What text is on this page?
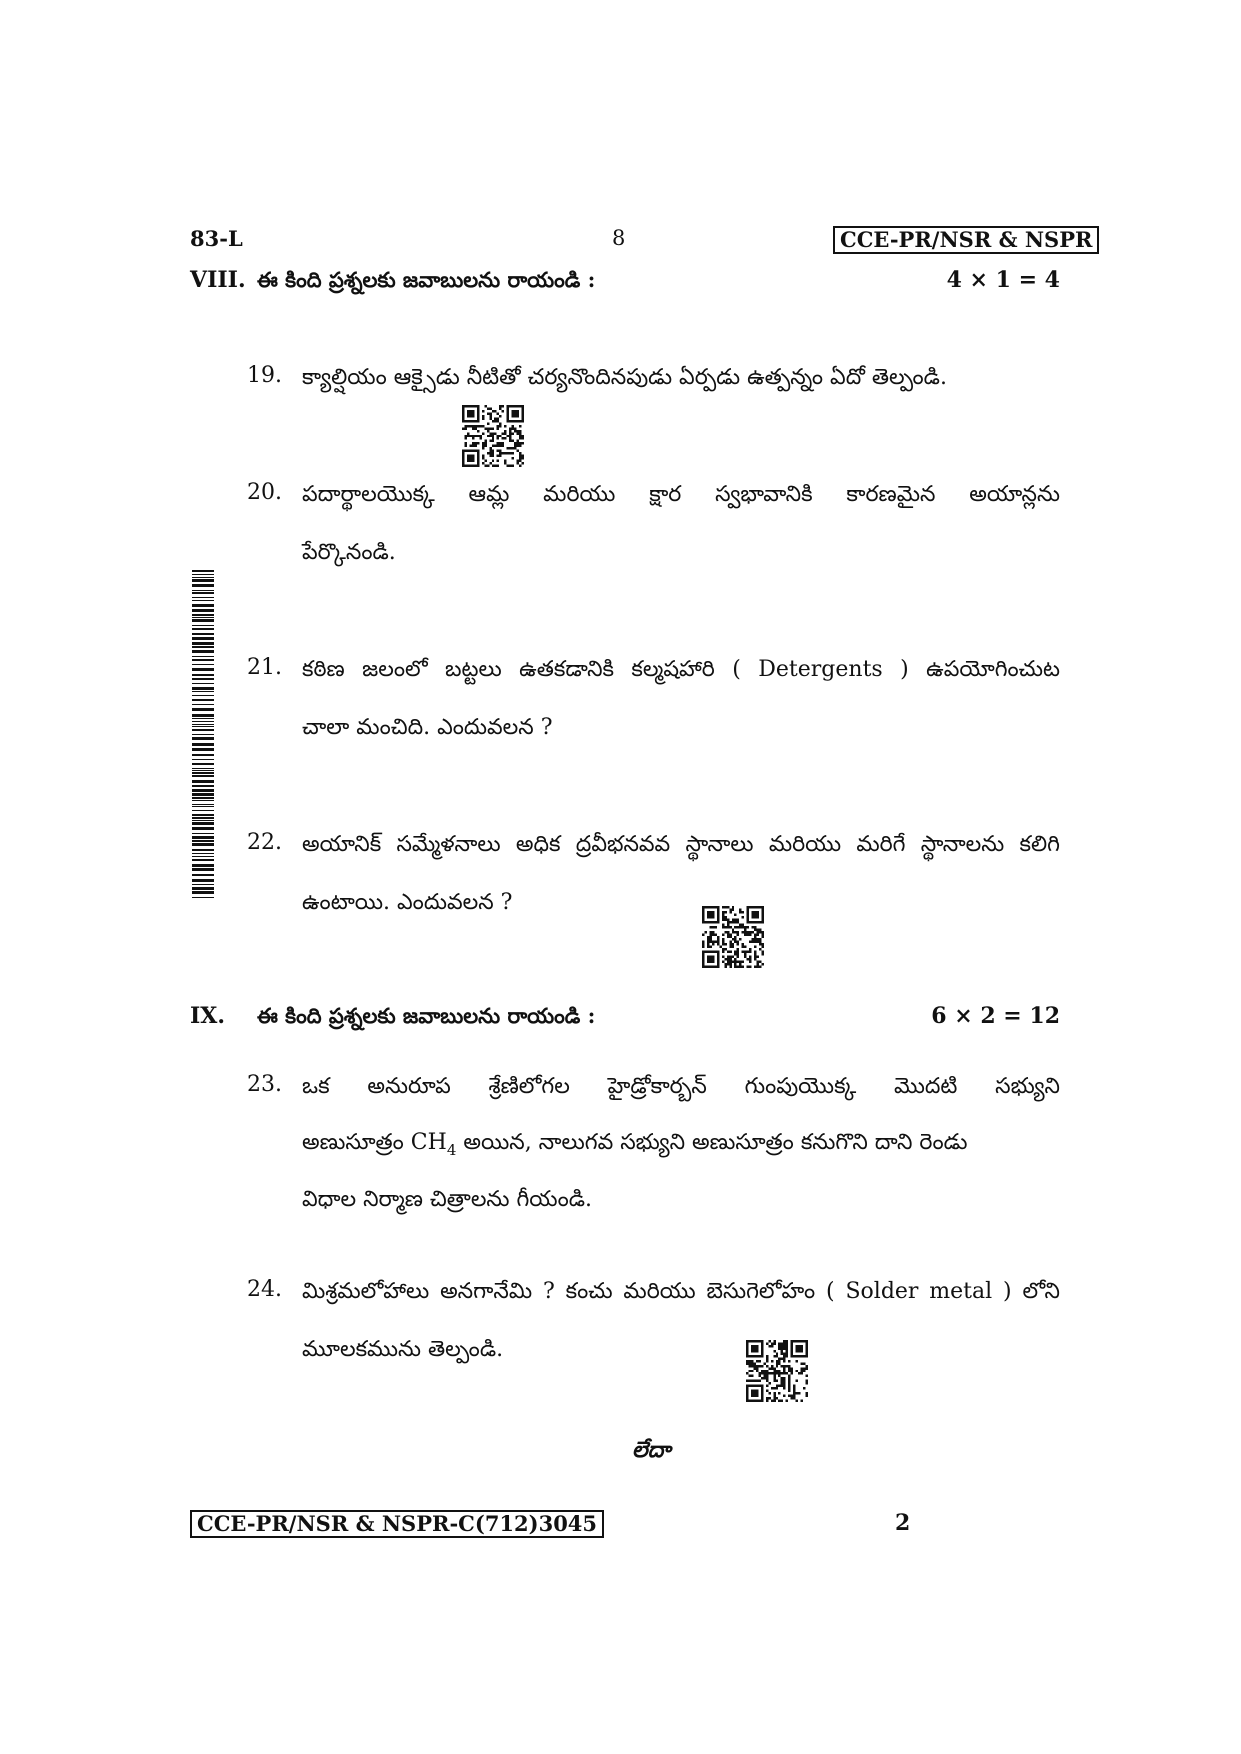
83-L	8	CCE-PR/NSR & NSPR
VIII. ఈ కింది ప్రశ్నలకు జవాబులను రాయండి :	4 × 1 = 4
19. క్యాల్షియం ఆక్సైడు నీటితో చర్యనొందినపుడు ఏర్పడు ఉత్పన్నం ఏదో తెల్పండి.
20. పదార్థాలయొక్క ఆమ్ల మరియు క్షార స్వభావానికి కారణమైన అయాన్లను
పేర్కొనండి.
21. కఠిణ జలంలో బట్టలు ఉతకడానికి కల్మషహారి ( Detergents ) ఉపయోగించుట
చాలా మంచిది. ఎందువలన ?
22. అయానిక్ సమ్మేళనాలు అధిక ద్రవీభనవవ స్థానాలు మరియు మరిగే స్థానాలను కలిగి
ఉంటాయి. ఎందువలన ?
IX. ఈ కింది ప్రశ్నలకు జవాబులను రాయండి :	6 × 2 = 12
23. ఒక అనురూప శ్రేణిలోగల హైడ్రోకార్బన్ గుంపుయొక్క మొదటి సభ్యుని
అణుసూత్రం $CH_4$ అయిన, నాలుగవ సభ్యుని అణుసూత్రం కనుగొని దాని రెండు
విధాల నిర్మాణ చిత్రాలను గీయండి.
24. మిశ్రమలోహాలు అనగానేమి ? కంచు మరియు బెసుగెలోహం ( Solder metal ) లోని
మూలకమును తెల్పండి.
లేదా
CCE-PR/NSR & NSPR-C(712)3045	2
